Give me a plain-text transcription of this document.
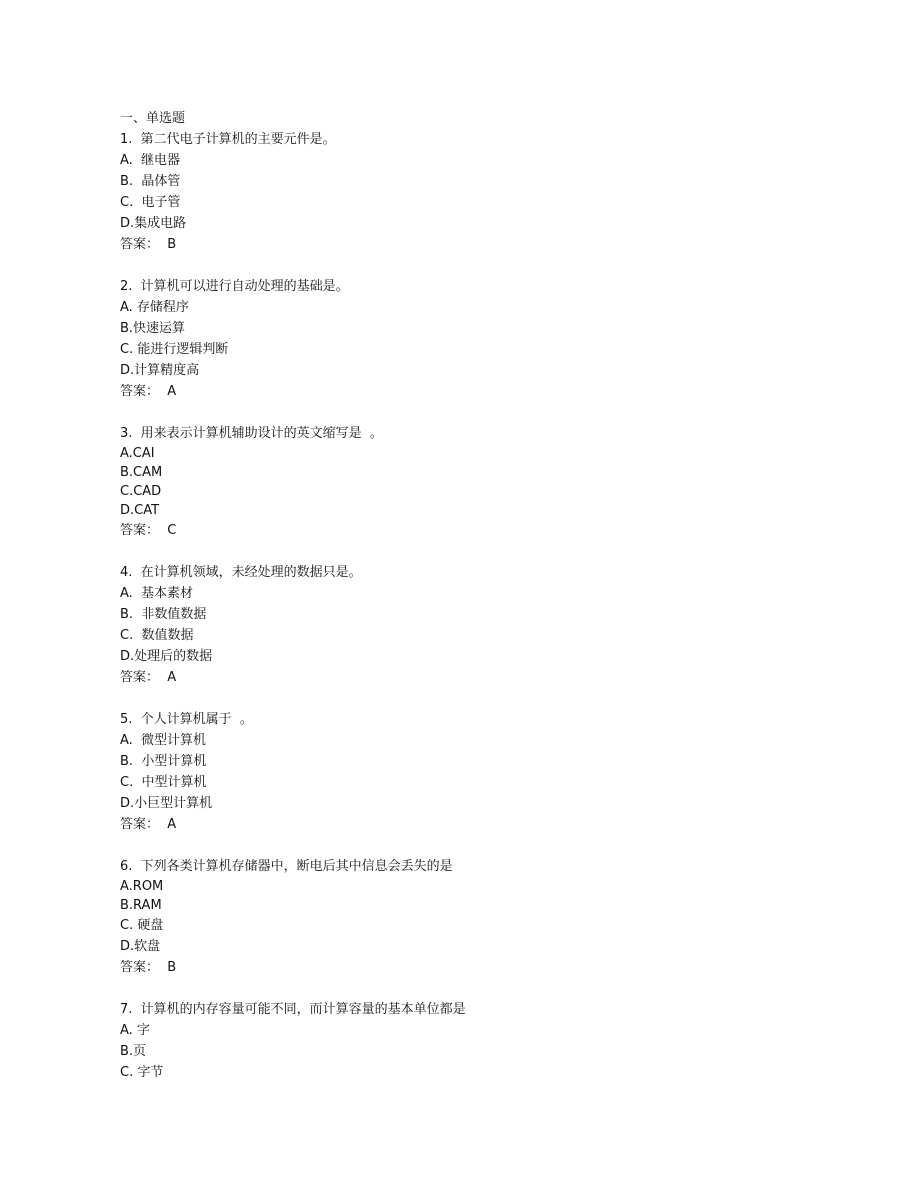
一、单选题
1.  第二代电子计算机的主要元件是。
A.  继电器
B.  晶体管
C.  电子管
D.集成电路
答案：  B
2.  计算机可以进行自动处理的基础是。
A. 存储程序
B.快速运算
C. 能进行逻辑判断
D.计算精度高
答案：  A
3.  用来表示计算机辅助设计的英文缩写是  。
A.CAI
B.CAM
C.CAD
D.CAT
答案：  C
4.  在计算机领域，未经处理的数据只是。
A.  基本素材
B.  非数值数据
C.  数值数据
D.处理后的数据
答案：  A
5.  个人计算机属于  。
A.  微型计算机
B.  小型计算机
C.  中型计算机
D.小巨型计算机
答案：  A
6.  下列各类计算机存储器中，断电后其中信息会丢失的是
A.ROM
B.RAM
C. 硬盘
D.软盘
答案：  B
7.  计算机的内存容量可能不同，而计算容量的基本单位都是
A. 字
B.页
C. 字节
